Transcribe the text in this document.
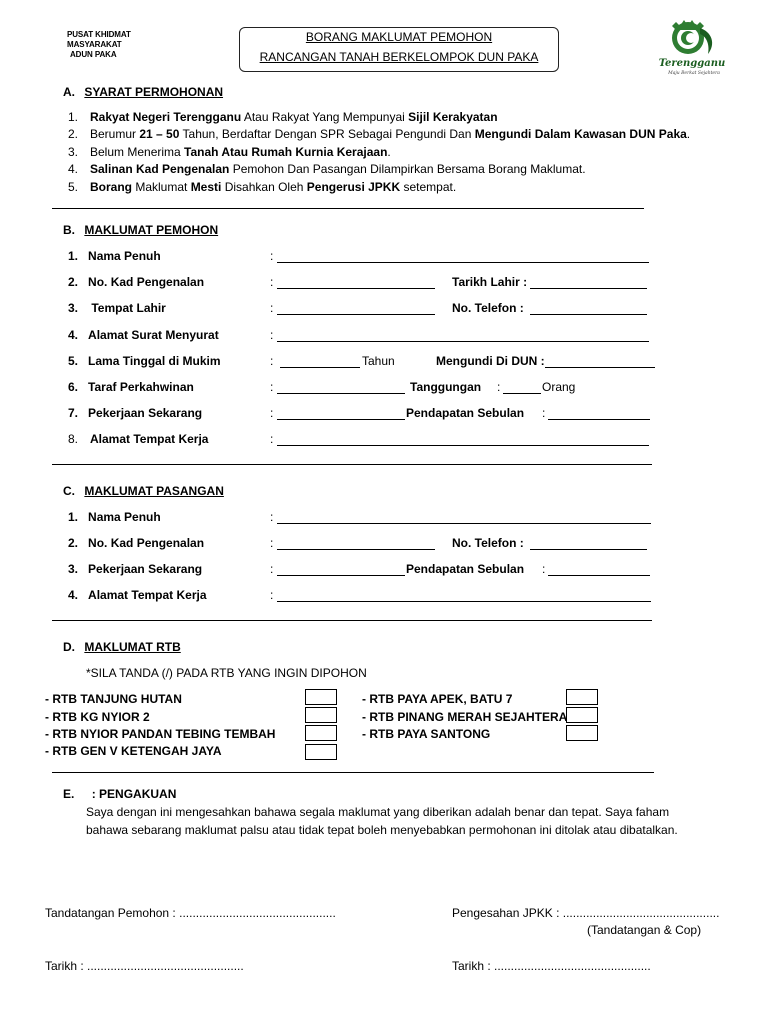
PUSAT KHIDMAT
MASYARAKAT
ADUN PAKA
BORANG MAKLUMAT PEMOHON
RANCANGAN TANAH BERKELOMPOK DUN PAKA	Terengganu
Maju Berkat Sejahtera
A. SYARAT PERMOHONAN
1. Rakyat Negeri Terengganu Atau Rakyat Yang Mempunyai Sijil Kerakyatan
2. Berumur 21 – 50 Tahun, Berdaftar Dengan SPR Sebagai Pengundi Dan Mengundi Dalam Kawasan DUN Paka.
3. Belum Menerima Tanah Atau Rumah Kurnia Kerajaan.
4. Salinan Kad Pengenalan Pemohon Dan Pasangan Dilampirkan Bersama Borang Maklumat.
5. Borang Maklumat Mesti Disahkan Oleh Pengerusi JPKK setempat.
B. MAKLUMAT PEMOHON
1. Nama Penuh	:
2. No. Kad Pengenalan	:	Tarikh Lahir :
3.    Tempat Lahir	:	No. Telefon :
4. Alamat Surat Menyurat	:
5. Lama Tinggal di Mukim	:	Tahun	Mengundi Di DUN :
6. Taraf Perkahwinan	:	Tanggungan :	Orang
7. Pekerjaan Sekarang	:	Pendapatan Sebulan :
8. Alamat Tempat Kerja	:
C. MAKLUMAT PASANGAN
1. Nama Penuh	:
2. No. Kad Pengenalan	:	No. Telefon :
3. Pekerjaan Sekarang	:	Pendapatan Sebulan :
4. Alamat Tempat Kerja	:
D. MAKLUMAT RTB
*SILA TANDA (/) PADA RTB YANG INGIN DIPOHON
- RTB TANJUNG HUTAN
- RTB KG NYIOR 2
- RTB NYIOR PANDAN TEBING TEMBAH
- RTB GEN V KETENGAH JAYA
- RTB PAYA APEK, BATU 7
- RTB PINANG MERAH SEJAHTERA
- RTB PAYA SANTONG
E. : PENGAKUAN
Saya dengan ini mengesahkan bahawa segala maklumat yang diberikan adalah benar dan tepat. Saya faham
bahawa sebarang maklumat palsu atau tidak tepat boleh menyebabkan permohonan ini ditolak atau dibatalkan.
Tandatangan Pemohon : ...............................................	Pengesahan JPKK : ...............................................
(Tandatangan & Cop)
Tarikh : ...............................................	Tarikh : ...............................................
